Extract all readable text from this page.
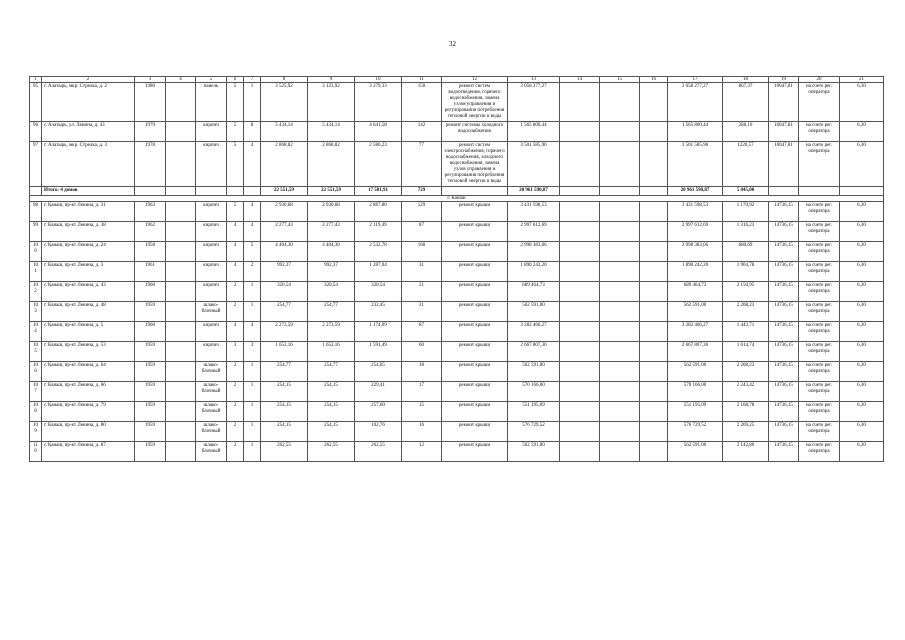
32
1	2	3	4	5	6	7	8	9	10	11	12	13	14	15	16	17	18	19	20	21
95	г. Алатырь, мкр. Стрелка, д. 2	1980		панель	5	1	3 525,92	3 123,92	3 279,33	150	ремонт систем водоотведения, горячего водоснабжения, замена узлов управления и регулирования потребления тепловой энергии и воды	3 058 277,27				3 058 277,27	867,37	10047,81	на счете рег. оператора	6,30
96	г. Алатырь, ул. Ленина, д. 43	1979		кирпич	5	8	5 434,14	5 434,14	4 641,58	142	ремонт системы холодного водоснабжения	1 565 800,44				1 565 800,44	288,10	10047,81	на счете рег. оператора	6,30
97	г. Алатырь, мкр. Стрелка, д. 3	1978		кирпич	5	4	2 868,82	2 868,82	2 580,23	77	ремонт систем электроснабжения, горячего водоснабжения, холодного водоснабжения, замена узлов управления и регулирования потребления тепловой энергии и воды	3 501 585,96				3 501 585,96	1220,57	10047,81	на счете рег. оператора	6,30
	Итого: 4 домов						22 551,59	22 551,59	17 581,91	729		20 961 590,87				20 961 590,87	5 845,00			
г. Канаш																				
98	г. Канаш, пр-кт Ленина, д. 31	1963		кирпич	5	4	2 930,68	2 930,68	2 887,80	129	ремонт крыши	3 431 598,53				3 431 598,53	1 170,92	14736,15	на счете рег. оператора	6,30
99	г. Канаш, пр-кт Ленина, д. 38	1962		кирпич	4	4	2 277,43	2 277,43	2 119,49	87	ремонт крыши	2 997 612,69				2 997 612,69	1 316,23	14736,15	на счете рег. оператора	6,30
100	г. Канаш, пр-кт Ленина, д. 24	1958		кирпич	4	5	4 404,30	4 404,30	2 532,78	160	ремонт крыши	2 998 383,06				2 998 383,06	680,69	14736,15	на счете рег. оператора	6,30
101	г. Канаш, пр-кт Ленина, д. 3	1961		кирпич	4	2	992,37	992,37	1 287,04	31	ремонт крыши	1 890 242,20				1 890 242,20	1 904,78	14736,15	на счете рег. оператора	6,30
102	г. Канаш, пр-кт Ленина, д. 43	1960		кирпич	2	1	320,54	320,54	320,54	21	ремонт крыши	689 464,73				689 464,73	2 150,95	14736,15	на счете рег. оператора	6,30
103	г. Канаш, пр-кт Ленина, д. 48	1959		шлако-блочный	2	1	254,77	254,77	232,45	21	ремонт крыши	562 591,00				562 591,00	2 208,23	14736,15	на счете рег. оператора	6,30
104	г. Канаш, пр-кт Ленина, д. 5	1960		кирпич	4	4	2 273,59	2 273,59	1 174,09	87	ремонт крыши	3 282 466,27				3 282 466,27	1 443,71	14736,15	на счете рег. оператора	6,30
105	г. Канаш, пр-кт Ленина, д. 53	1959		кирпич	3	3	1 652,16	1 652,16	1 591,49	60	ремонт крыши	2 667 807,36				2 667 807,36	1 614,74	14736,15	на счете рег. оператора	6,30
106	г. Канаш, пр-кт Ленина, д. 64	1959		шлако-блочный	2	1	254,77	254,77	254,05	18	ремонт крыши	562 591,00				562 591,00	2 208,23	14736,15	на счете рег. оператора	6,30
107	г. Канаш, пр-кт Ленина, д. 66	1959		шлако-блочный	2	1	254,15	254,15	229,41	17	ремонт крыши	570 166,00				570 166,00	2 243,42	14736,15	на счете рег. оператора	6,30
108	г. Канаш, пр-кт Ленина, д. 79	1959		шлако-блочный	2	1	254,15	254,15	257,60	15	ремонт крыши	551 195,09				551 195,09	2 168,78	14736,15	на счете рег. оператора	6,30
109	г. Канаш, пр-кт Ленина, д. 80	1959		шлако-блочный	2	1	254,15	254,15	102,76	16	ремонт крыши	576 729,52				576 729,52	2 269,25	14736,15	на счете рег. оператора	6,30
110	г. Канаш, пр-кт Ленина, д. 87	1959		шлако-блочный	2	1	262,55	262,55	262,55	12	ремонт крыши	562 591,00				562 591,00	2 142,80	14736,15	на счете рег. оператора	6,30
